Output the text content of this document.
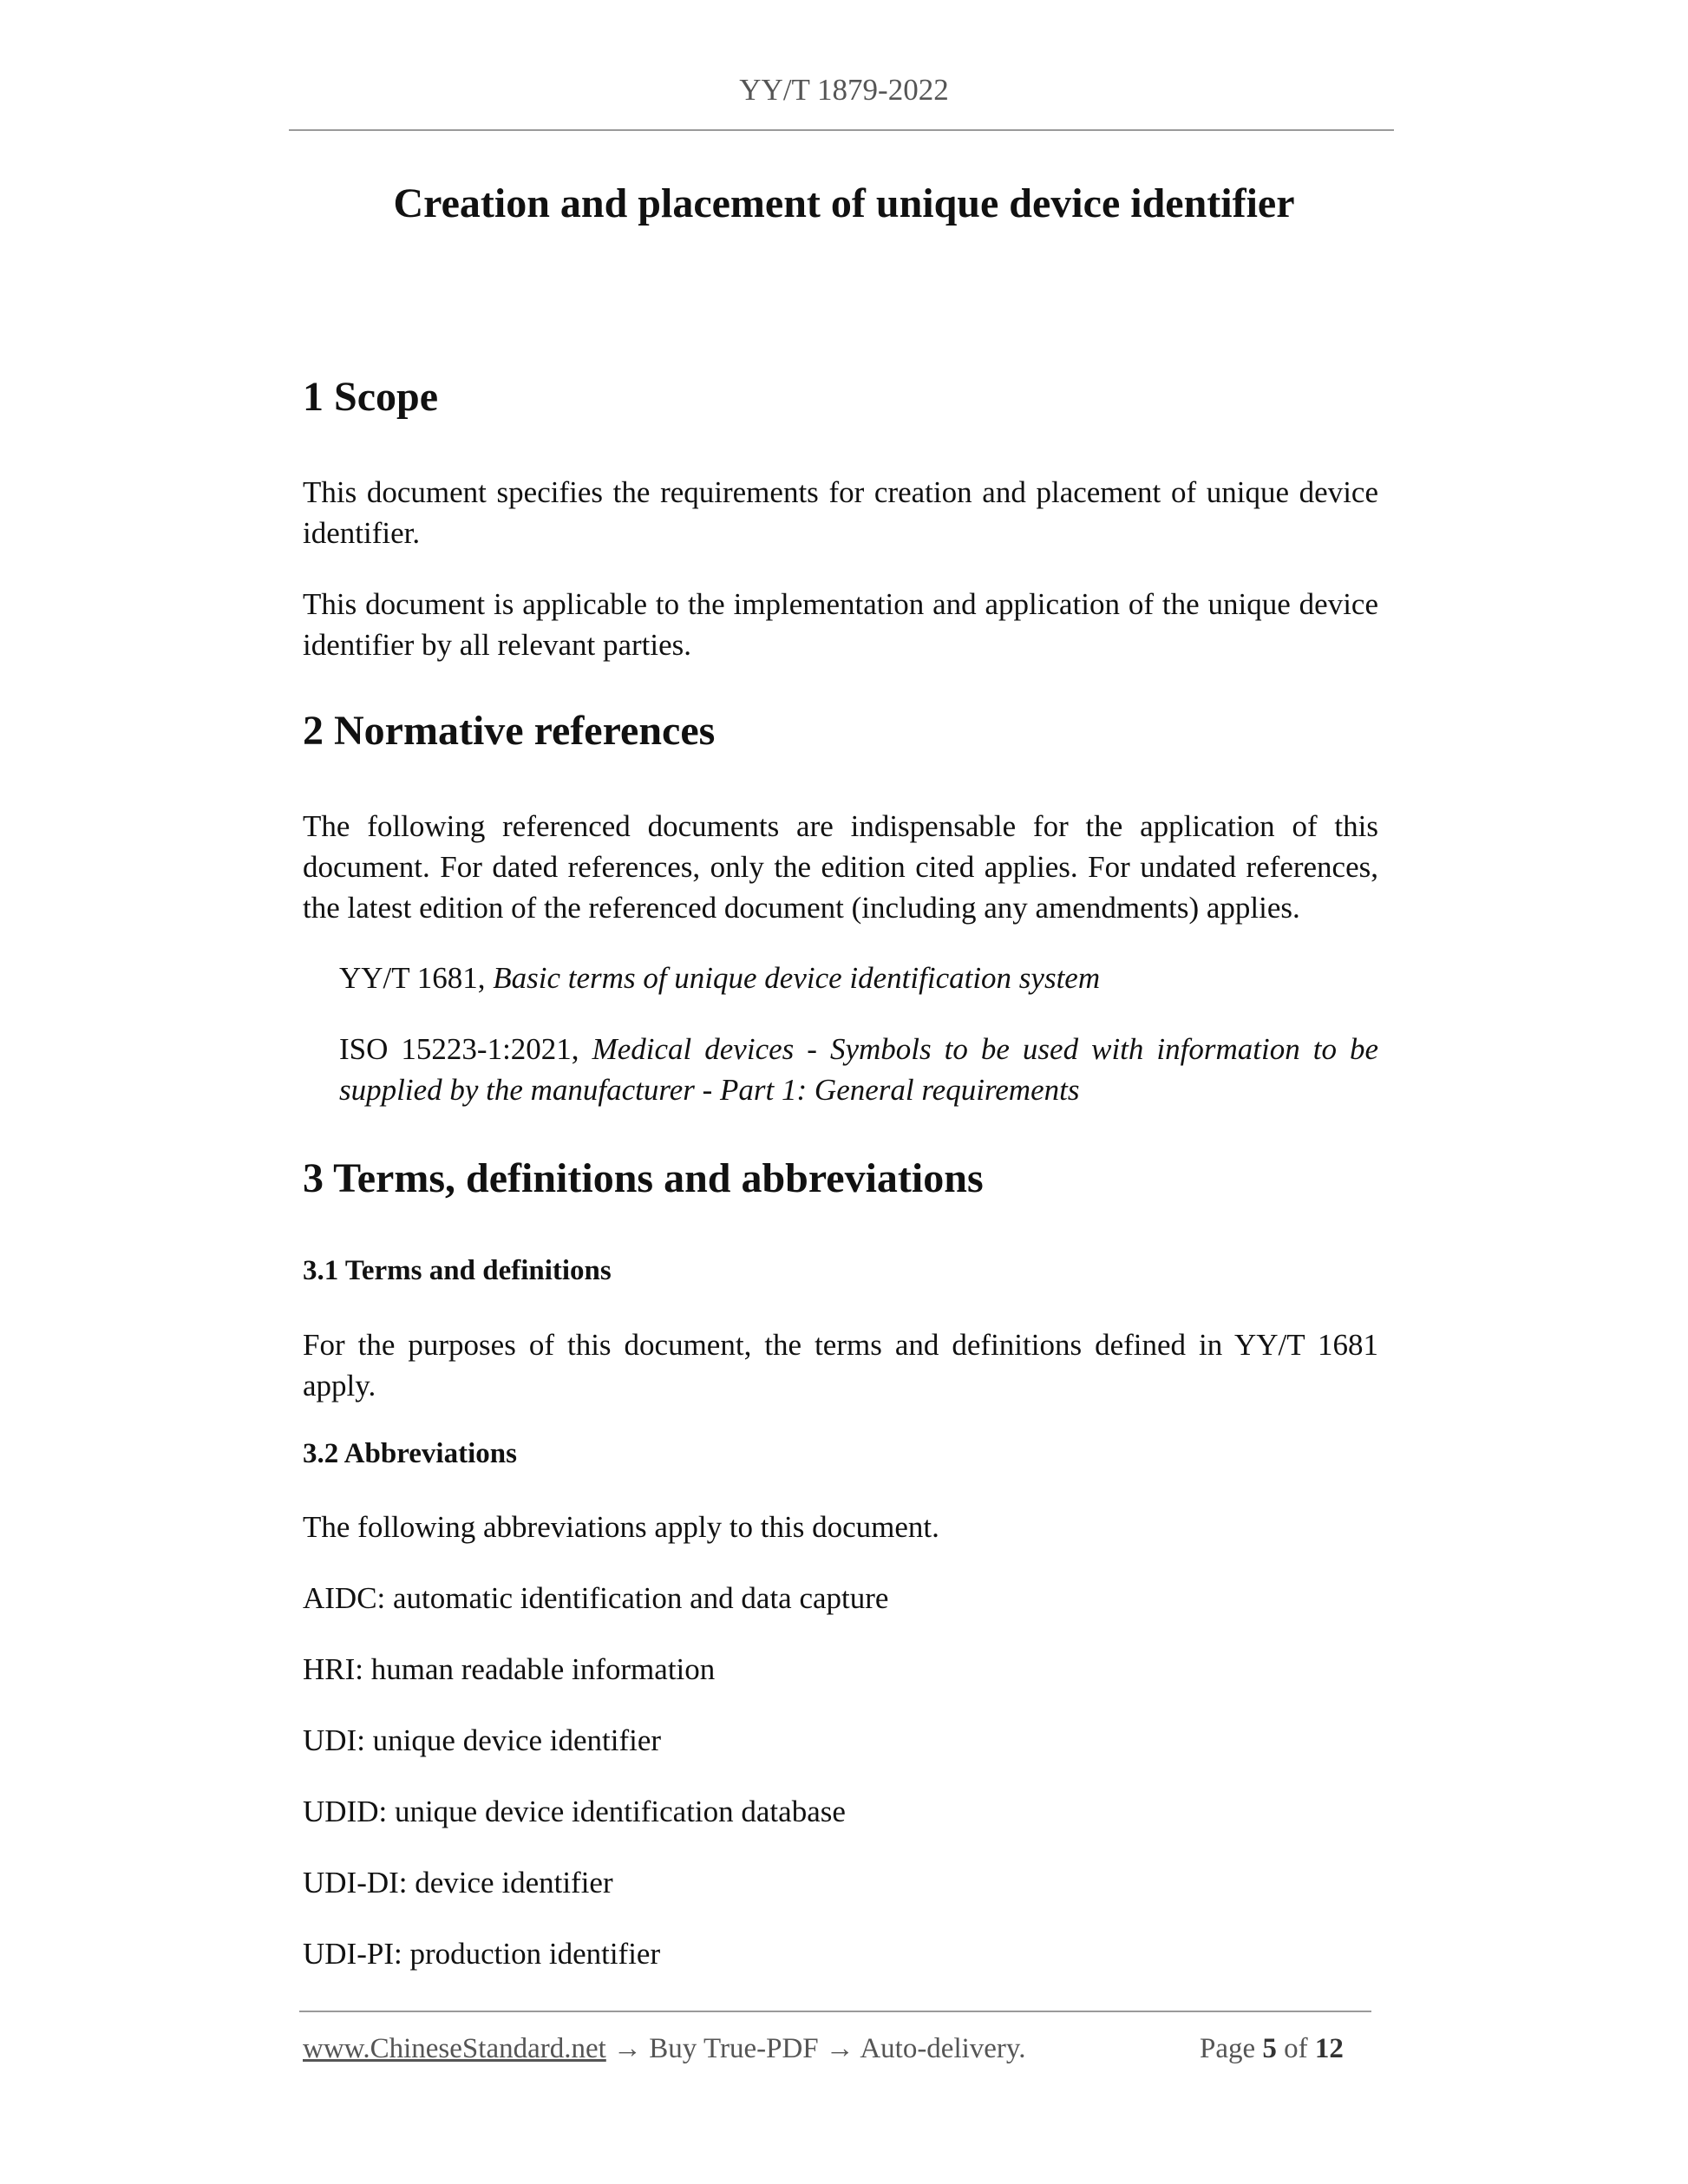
YY/T 1879-2022
Creation and placement of unique device identifier
1 Scope

This document specifies the requirements for creation and placement of unique device identifier.

This document is applicable to the implementation and application of the unique device identifier by all relevant parties.

2 Normative references

The following referenced documents are indispensable for the application of this document. For dated references, only the edition cited applies. For undated references, the latest edition of the referenced document (including any amendments) applies.

YY/T 1681, Basic terms of unique device identification system

ISO 15223-1:2021, Medical devices - Symbols to be used with information to be supplied by the manufacturer - Part 1: General requirements

3 Terms, definitions and abbreviations
3.1 Terms and definitions

For the purposes of this document, the terms and definitions defined in YY/T 1681 apply.

3.2 Abbreviations

The following abbreviations apply to this document.

AIDC: automatic identification and data capture

HRI: human readable information

UDI: unique device identifier

UDID: unique device identification database

UDI-DI: device identifier

UDI-PI: production identifier

www.ChineseStandard.net → Buy True-PDF → Auto-delivery.	Page 5 of 12
